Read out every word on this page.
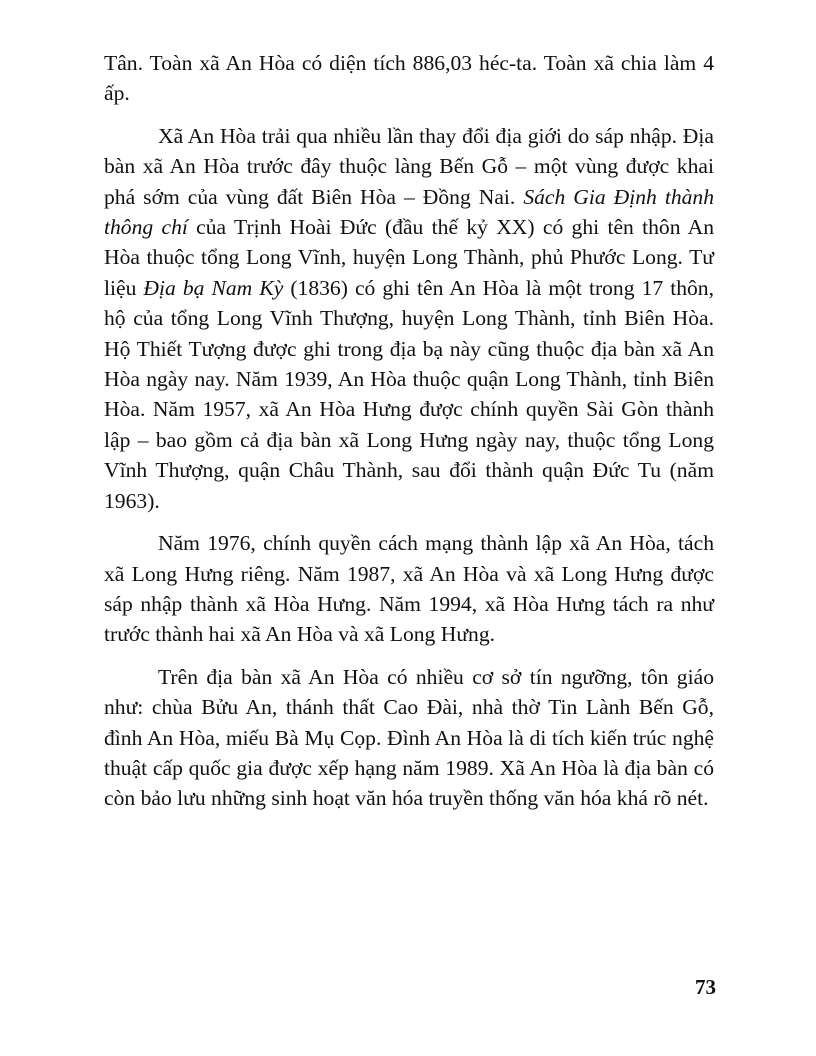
Tân. Toàn xã An Hòa có diện tích 886,03 héc-ta. Toàn xã chia làm 4 ấp.

Xã An Hòa trải qua nhiều lần thay đổi địa giới do sáp nhập. Địa bàn xã An Hòa trước đây thuộc làng Bến Gỗ – một vùng được khai phá sớm của vùng đất Biên Hòa – Đồng Nai. Sách Gia Định thành thông chí của Trịnh Hoài Đức (đầu thế kỷ XX) có ghi tên thôn An Hòa thuộc tổng Long Vĩnh, huyện Long Thành, phủ Phước Long. Tư liệu Địa bạ Nam Kỳ (1836) có ghi tên An Hòa là một trong 17 thôn, hộ của tổng Long Vĩnh Thượng, huyện Long Thành, tỉnh Biên Hòa. Hộ Thiết Tượng được ghi trong địa bạ này cũng thuộc địa bàn xã An Hòa ngày nay. Năm 1939, An Hòa thuộc quận Long Thành, tỉnh Biên Hòa. Năm 1957, xã An Hòa Hưng được chính quyền Sài Gòn thành lập – bao gồm cả địa bàn xã Long Hưng ngày nay, thuộc tổng Long Vĩnh Thượng, quận Châu Thành, sau đổi thành quận Đức Tu (năm 1963).

Năm 1976, chính quyền cách mạng thành lập xã An Hòa, tách xã Long Hưng riêng. Năm 1987, xã An Hòa và xã Long Hưng được sáp nhập thành xã Hòa Hưng. Năm 1994, xã Hòa Hưng tách ra như trước thành hai xã An Hòa và xã Long Hưng.

Trên địa bàn xã An Hòa có nhiều cơ sở tín ngưỡng, tôn giáo như: chùa Bửu An, thánh thất Cao Đài, nhà thờ Tin Lành Bến Gỗ, đình An Hòa, miếu Bà Mụ Cọp. Đình An Hòa là di tích kiến trúc nghệ thuật cấp quốc gia được xếp hạng năm 1989. Xã An Hòa là địa bàn có còn bảo lưu những sinh hoạt văn hóa truyền thống văn hóa khá rõ nét.

73
